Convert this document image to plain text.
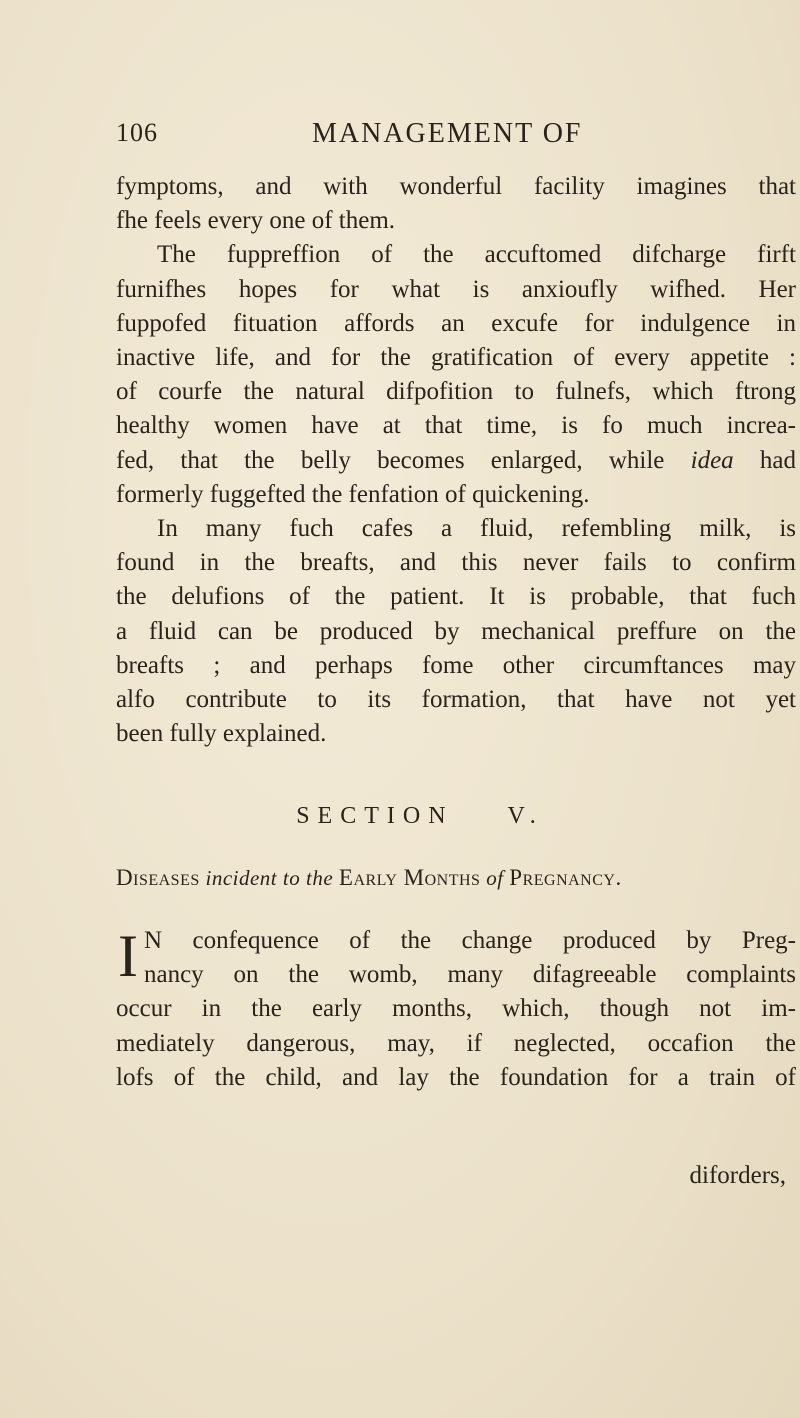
106	MANAGEMENT OF
fymptoms, and with wonderful facility imagines that
fhe feels every one of them.
The fuppreffion of the accuftomed difcharge firft
furnifhes hopes for what is anxioufly wifhed. Her
fuppofed fituation affords an excufe for indulgence in
inactive life, and for the gratification of every appetite :
of courfe the natural difpofition to fulnefs, which ftrong
healthy women have at that time, is fo much increa-
fed, that the belly becomes enlarged, while idea had
formerly fuggefted the fenfation of quickening.
In many fuch cafes a fluid, refembling milk, is
found in the breafts, and this never fails to confirm
the delufions of the patient. It is probable, that fuch
a fluid can be produced by mechanical preffure on the
breafts ; and perhaps fome other circumftances may
alfo contribute to its formation, that have not yet
been fully explained.
SECTION V.
Diseases incident to the Early Months of Pregnancy.
I N confequence of the change produced by Preg-
nancy on the womb, many difagreeable complaints
occur in the early months, which, though not im-
mediately dangerous, may, if neglected, occafion the
lofs of the child, and lay the foundation for a train of
diforders,
